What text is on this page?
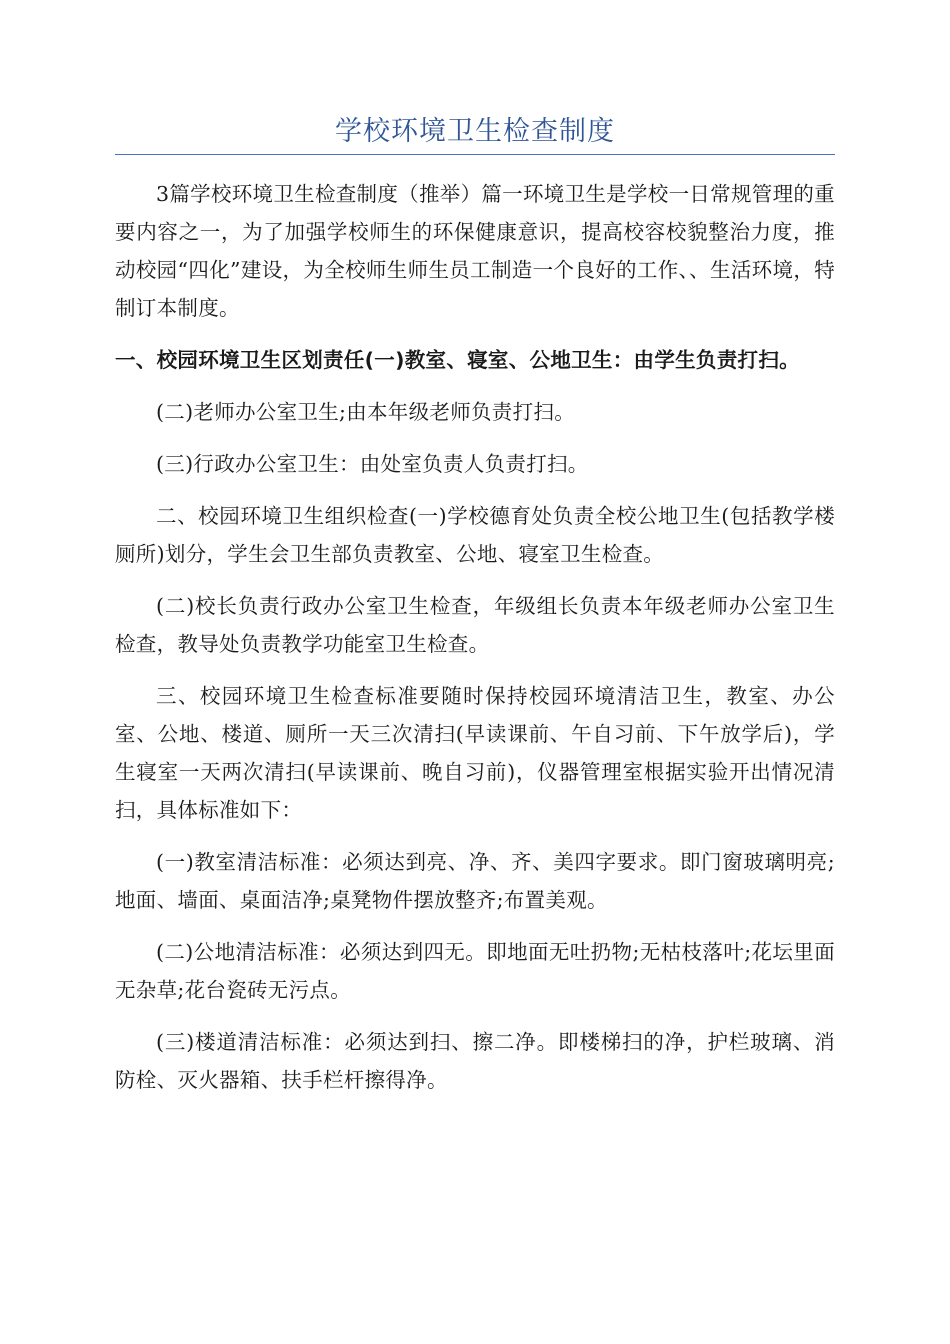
学校环境卫生检查制度

3篇学校环境卫生检查制度（推举）篇一环境卫生是学校一日常规管理的重要内容之一，为了加强学校师生的环保健康意识，提高校容校貌整治力度，推动校园“四化”建设，为全校师生师生员工制造一个良好的工作、、生活环境，特制订本制度。

一、校园环境卫生区划责任(一)教室、寝室、公地卫生：由学生负责打扫。

(二)老师办公室卫生;由本年级老师负责打扫。

(三)行政办公室卫生：由处室负责人负责打扫。

二、校园环境卫生组织检查(一)学校德育处负责全校公地卫生(包括教学楼厕所)划分，学生会卫生部负责教室、公地、寝室卫生检查。

(二)校长负责行政办公室卫生检查，年级组长负责本年级老师办公室卫生检查，教导处负责教学功能室卫生检查。

三、校园环境卫生检查标准要随时保持校园环境清洁卫生，教室、办公室、公地、楼道、厕所一天三次清扫(早读课前、午自习前、下午放学后)，学生寝室一天两次清扫(早读课前、晚自习前)，仪器管理室根据实验开出情况清扫，具体标准如下：

(一)教室清洁标准：必须达到亮、净、齐、美四字要求。即门窗玻璃明亮;地面、墙面、桌面洁净;桌凳物件摆放整齐;布置美观。

(二)公地清洁标准：必须达到四无。即地面无吐扔物;无枯枝落叶;花坛里面无杂草;花台瓷砖无污点。

(三)楼道清洁标准：必须达到扫、擦二净。即楼梯扫的净，护栏玻璃、消防栓、灭火器箱、扶手栏杆擦得净。
